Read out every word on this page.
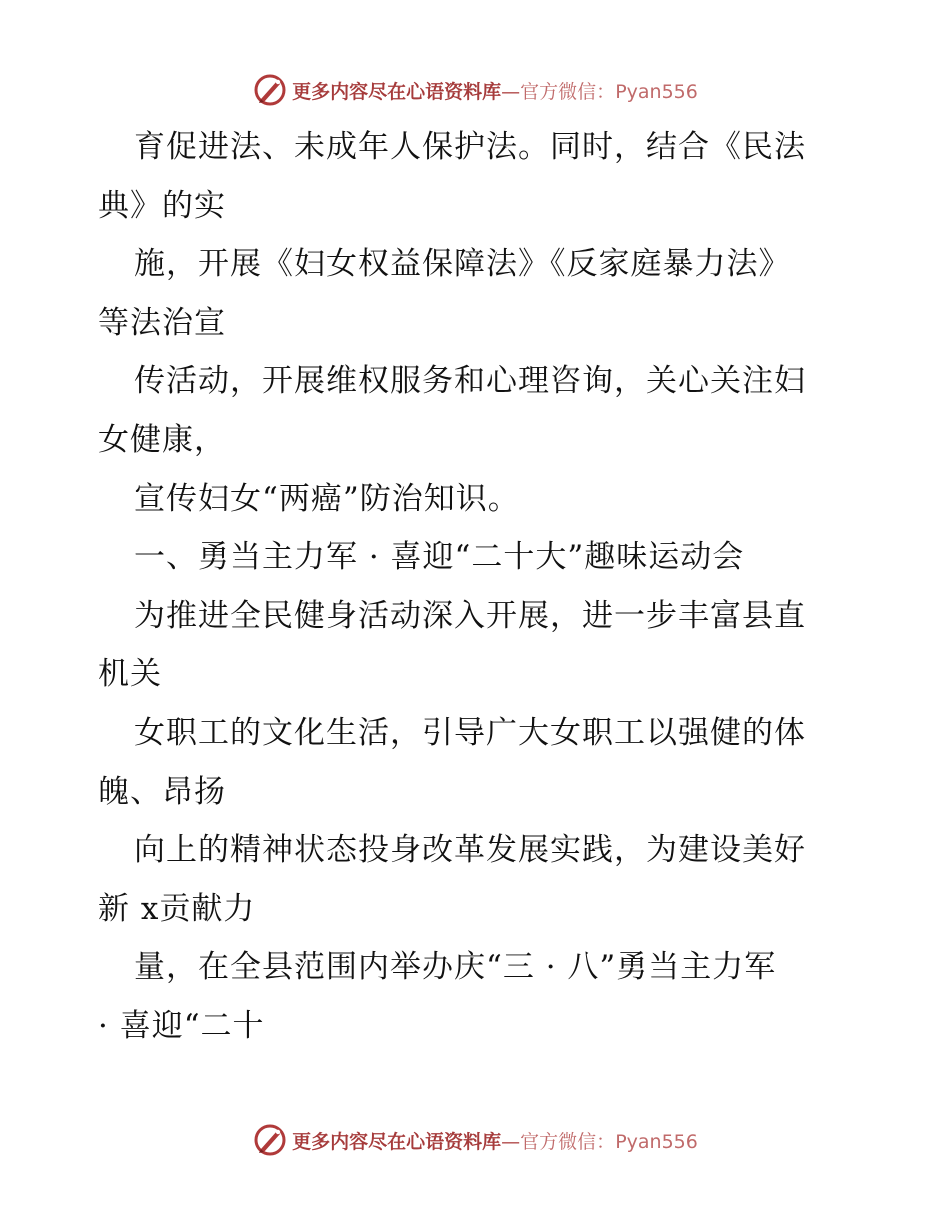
更多内容尽在心语资料库—官方微信：Pyan556
育促进法、未成年人保护法。同时，结合《民法
典》的实
施，开展《妇女权益保障法》《反家庭暴力法》
等法治宣
传活动，开展维权服务和心理咨询，关心关注妇
女健康，
宣传妇女“两癌”防治知识。
一、勇当主力军 · 喜迎“二十大”趣味运动会
为推进全民健身活动深入开展，进一步丰富县直
机关
女职工的文化生活，引导广大女职工以强健的体
魄、昂扬
向上的精神状态投身改革发展实践，为建设美好
新 x贡献力
量，在全县范围内举办庆“三 · 八”勇当主力军
· 喜迎“二十
更多内容尽在心语资料库—官方微信：Pyan556
